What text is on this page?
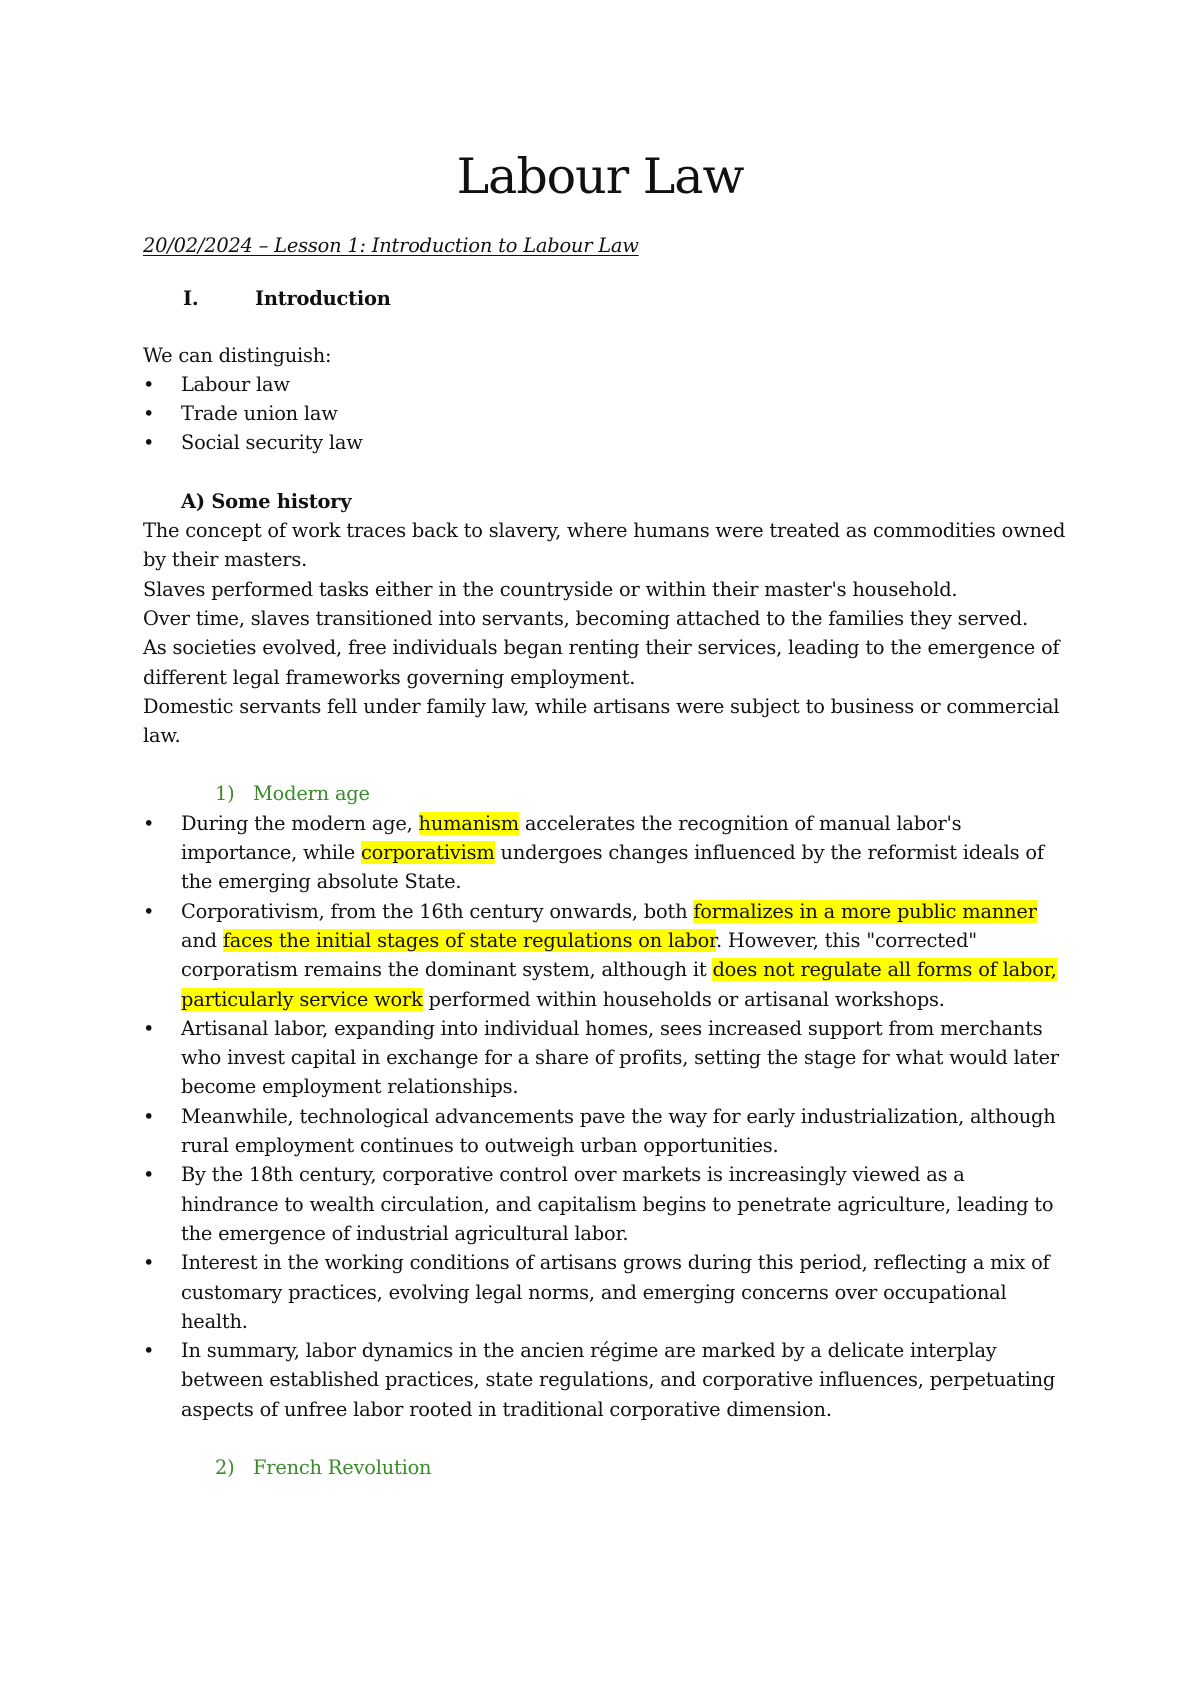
Labour Law

20/02/2024 – Lesson 1: Introduction to Labour Law

I.	Introduction

We can distinguish:

•	Labour law
•	Trade union law
•	Social security law

A) Some history

The concept of work traces back to slavery, where humans were treated as commodities owned by their masters.

Slaves performed tasks either in the countryside or within their master's household.

Over time, slaves transitioned into servants, becoming attached to the families they served.

As societies evolved, free individuals began renting their services, leading to the emergence of different legal frameworks governing employment.

Domestic servants fell under family law, while artisans were subject to business or commercial law.

1) Modern age

•	During the modern age, humanism accelerates the recognition of manual labor's importance, while corporativism undergoes changes influenced by the reformist ideals of the emerging absolute State.
•	Corporativism, from the 16th century onwards, both formalizes in a more public manner and faces the initial stages of state regulations on labor. However, this "corrected" corporatism remains the dominant system, although it does not regulate all forms of labor, particularly service work performed within households or artisanal workshops.
•	Artisanal labor, expanding into individual homes, sees increased support from merchants who invest capital in exchange for a share of profits, setting the stage for what would later become employment relationships.
•	Meanwhile, technological advancements pave the way for early industrialization, although rural employment continues to outweigh urban opportunities.
•	By the 18th century, corporative control over markets is increasingly viewed as a hindrance to wealth circulation, and capitalism begins to penetrate agriculture, leading to the emergence of industrial agricultural labor.
•	Interest in the working conditions of artisans grows during this period, reflecting a mix of customary practices, evolving legal norms, and emerging concerns over occupational health.
•	In summary, labor dynamics in the ancien régime are marked by a delicate interplay between established practices, state regulations, and corporative influences, perpetuating aspects of unfree labor rooted in traditional corporative dimension.

2) French Revolution
